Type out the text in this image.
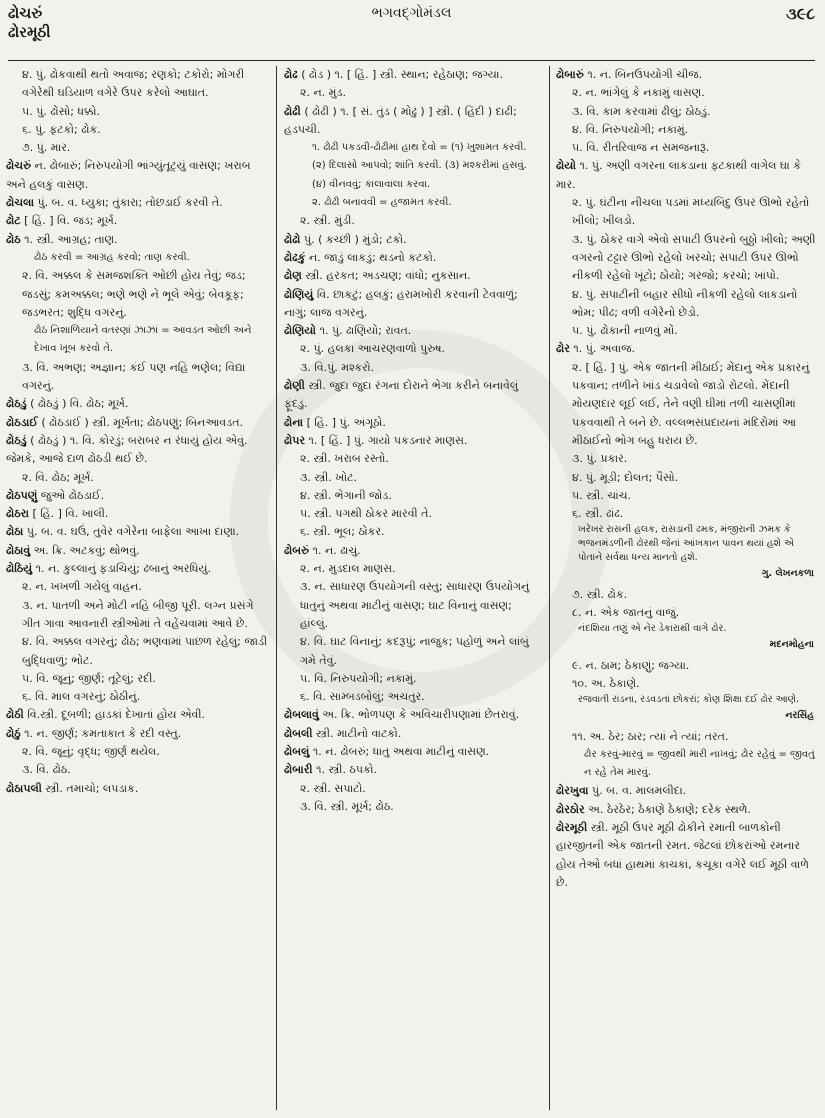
ઢોચરું
ઢોરમૂઠી
ભગવદ્ગોમંડલ	૩૯૮

૪. પું. ઢોકવાથી થતો અવાજ; રણકો; ટકોરો; મોગરી વગેરેથી ઘડિયાળ વગેરે ઉપર કરેલો આઘાત.

૫. પું. ઢોંસો; ધક્કો.

૬. પું. ફટકો; ઢોક.

૭. પું. માર.

ઢોચરું ન. ઢોબારું; નિરુપયોગી ભાંગ્યુંતૂટ્યું વાસણ; ખરાબ અને હલકું વાસણ.

ઢોચલા પું. બ. વ. ધ્યુકા; તુંકારા; તોછડાઈ કરવી તે.

ઢોટ [ હિં. ] વિ. જડ; મૂર્ખ.

ઢોઠ ૧. સ્ત્રી. આગ્રહ; તાણ.

ઢોઠ કરવી = આગ્રહ કરવો; તાણ કરવી.

૨. વિ. અક્કલ કે સમજશક્તિ ઓછી હોય તેવું; જડ; જડસું; કમઅક્કલ; ભણે ભણે ને ભૂલે એવું; બેવકૂફ; જડભરત; શુદ્ધિ વગરનું.

ઢોઠ નિશાળિયાને વતરણાં ઝાઝાં = આવડત ઓછી અને દેખાવ ખૂબ કરવો તે.

૩. વિ. અભણ; અજ્ઞાન; કંઈ પણ નહિ ભણેલ; વિદ્યા વગરનું.

ઢોઠડું ( ઢોઠડું ) વિ. ઢોઠ; મૂર્ખ.

ઢોઠડાઈ ( ઢોઠડાઈ ) સ્ત્રી. મૂર્ખતા; ઢોઠપણું; બિનઆવડત.

ઢોઠડું ( ઢોઠડું ) ૧. વિ. કોરડું; બરાબર ન રંધાયું હોય એવું. જેમકે, આજે દાળ ઢોઠડી થઈ છે.

૨. વિ. ઢોઠ; મૂર્ખ.

ઢોઠપણું જુઓ ઢોઠડાઈ.

ઢોઠરા [ હિં. ] વિ. ખાલી.

ઢોઠા પું. બ. વ. ઘઉં, તુવેર વગેરેના બાફેલા આખા દાણા.

ઢોઠાવું અ. ક્રિ. અટકવું; થોભવું.

ઢોઠિયું ૧. ન. કુલ્લાનું ફડાચિયું; ઢબાનું અરધિયું.

૨. ન. ખખળી ગયેલું વાહન.

૩. ન. પાતળી અને મોટી નહિ બીજી પૂરી. લગ્ન પ્રસંગે ગીત ગાવા આવનારી સ્ત્રીઓમાં તે વહેંચવામાં આવે છે.

૪. વિ. અક્કલ વગરનું; ઢોઠ; ભણવામાં પાછળ રહેલું; જાડી બુદ્ધિવાળું; ભોટ.

૫. વિ. જૂનું; જીર્ણ; તૂટેલું; રદી.

૬. વિ. માલ વગરનું; ઠોઠીનું.

ઢોઠી વિ.સ્ત્રી. દૂબળી; હાડકાં દેખાતાં હોય એવી.

ઢોઠું ૧. ન. જીર્ણ; કમતાકાત કે રદી વસ્તુ.

૨. વિ. જૂનું; વૃદ્ધ; જીર્ણ થયેલ.

૩. વિ. ઢોઠ.

ઢોઠાપલી સ્ત્રી. તમાચો; લપડાક.

ઢોઢ ( ઢોડ ) ૧. [ હિં. ] સ્ત્રી. સ્થાન; રહેઠાણ; જગ્યા.

૨. ન. મુંડ.

ઢોઢી ( ઢોઢી ) ૧. [ સં. તુંડ ( મોઢું ) ] સ્ત્રી. ( હિંદી ) દાઢી; હડપચી.

૧. ઢોઢી પકડવી-ઢોઢીમાં હાથ દેવો = (૧) ખુશામત કરવી. (૨) દિલાસો આપવો; શાંતિ કરવી. (૩) મશ્કરીમાં હસવું. (૪) વીનવવું; કાલાવાલા કરવા.

૨. ઢોઢી બનાવવી = હજામત કરવી.

૨. સ્ત્રી. મુંડી.

ઢોઢો પું. ( કચ્છી ) મુંડો; ટકો.

ઢોઢકું ન. જાડું લાકડું; થડનો કટકો.

ઢોણ સ્ત્રી. હરકત; અડચણ; વાંધો; નુકસાન.

ઢોણિયું વિ. છાકટું; હલકું; હરામખોરી કરવાની ટેવવાળું; નાગું; લાજ વગરનું.

ઢોણિયો ૧. પું. ઢાણિયો; રાવત.

૨. પું. હલકા આચરણવાળો પુરુષ.

૩. વિ.પું. મશ્કરો.

ઢોણી સ્ત્રી. જુદા જુદા રંગના દોરાને ભેગા કરીને બનાવેલું ફૂંદડું.

ઢોના [ હિં. ] પું. અંગૂઠો.

ઢોપર ૧. [ હિં. ] પું. ગાયો પકડનાર માણસ.

૨. સ્ત્રી. ખરાબ રસ્તો.

૩. સ્ત્રી. ખોટ.

૪. સ્ત્રી. ભેગાની જોડ.

૫. સ્ત્રી. પગથી ઠોકર મારવી તે.

૬. સ્ત્રી. ભૂલ; ઠોકર.

ઢોબરું ૧. ન. ઢાચું.

૨. ન. મુડદાલ માણસ.

૩. ન. સાધારણ ઉપયોગની વસ્તુ; સાધારણ ઉપયોગનું ધાતુનું અથવા માટીનું વાસણ; ઘાટ વિનાનું વાસણ; હાંલ્લું.

૪. વિ. ઘાટ વિનાનું; કદરૂપું; નાજુક; પહોળું અને લાંબું ગમે તેવું.

૫. વિ. નિરુપયોગી; નકામું.

૬. વિ. સામ્બડબોલું; અચતુર.

ઢોબલાવું અ. ક્રિ. ભોળપણ કે અવિચારીપણામાં છેતરાવું.

ઢોબલી સ્ત્રી. માટીનો વાટકો.

ઢોબલું ૧. ન. ઢોબરું; ધાતુ અથવા માટીનું વાસણ.

ઢોબારી ૧. સ્ત્રી. ઠપકો.

૨. સ્ત્રી. સપાટો.

૩. વિ. સ્ત્રી. મૂર્ખ; ઢોઠ.

ઢોબારું ૧. ન. બિનઉપયોગી ચીજ.

૨. ન. ભાંગેલું કે નકામું વાસણ.

૩. વિ. કામ કરવામાં ઢીલું; ઠોઠડું.

૪. વિ. નિરુપયોગી; નકામું.

૫. વિ. રીતરિવાજ ન સમજનારૂં.

ઢોયો ૧. પું. અણી વગરના લાકડાના ફટકાથી વાગેલ ઘા કે માર.

૨. પું. ઘંટીના નીચલા પડમાં મધ્યબિંદુ ઉપર ઊભો રહેતો ખીલો; ખીલડો.

૩. પું. ઠોકર વાગે એવો સપાટી ઉપરનો બુઠ્ઠો ખીલો; અણી વગરનો ટટ્ટાર ઊભો રહેલો ખરચો; સપાટી ઉપર ઊભો નીકળી રહેલો ખૂંટો; ઠોયો; ગરજો; કરચો; ખાંપો.

૪. પું. સપાટીની બહાર સીધો નીકળી રહેલો લાકડાનો ભોમ; પીઢ; વળી વગેરેનો છેડો.

૫. પું. ઢોકાની નાળવું મોં.

ઢોર ૧. પું. અવાજ.

૨. [ હિં. ] પું. એક જાતની મીઠાઈ; મેંદાનું એક પ્રકારનું પકવાન; તળીને ખાંડ ચડાવેલો જાડો રોટલો. મેંદાની મોયણદાર લૂઈ લઈ, તેને વણી ઘીમાં તળી ચાસણીમાં પકવવાથી તે બને છે. વલ્લભસંપ્રદાયનાં મંદિરોમાં આ મીઠાઈનો ભોગ બહુ ધરાય છે.

૩. પું. પ્રકાર.

૪. પું. મૂડી; દોલત; પૈસો.

૫. સ્ત્રી. ચાંચ.

૬. સ્ત્રી. ઢાંઢ.

ખરેખર રાસની હલક, રાસડાની ઢમક, મંજીરાની ઝમક કે ભજનમંડળીની ઢોરથી જેનાં આંખકાન પાવન થયાં હશે એ પોતાને સર્વથા ધન્ય માનતો હશે.

ગુ. લેખનકળા

૭. સ્ત્રી. ઢોક.

૮. ન. એક જાતનું વાજું.

નંદશિયા તણું એ નેર ડેકારાથી વાગે ઢોર.

મદનમોહના

૯. ન. ઠામ; ઠેકાણું; જગ્યા.

૧૦. અ. ઠેકાણે.

રજવાતી રાંડના, રડવડતાં છોકરાં; કોણ શિક્ષા દઈ ઢોર આણે.

નરસિંહ

૧૧. અ. ઠેર; ઠાર; ત્યાં ને ત્યાં; તરત.

ઢોર કરવું-મારવું = જીવથી મારી નાખવું; ઢોર રહેવું = જીવતું ન રહે તેમ મારવું.

ઢોરખુવા પું. બ. વ. માલમલીદા.

ઢોરઠોર અ. ઠેરઠેર; ઠેકાણે ઠેકાણે; દરેક સ્થળે.

ઢોરમૂઠી સ્ત્રી. મૂઠી ઉપર મૂઠી ઢોકીને રમાતી બાળકોની હારજીતની એક જાતની રમત. જેટલાં છોકરાંઓ રમનાર હોય તેઓ બધાં હાથમાં કાચકાં, કચૂકા વગેરે લઈ મૂઠી વાળે છે.
